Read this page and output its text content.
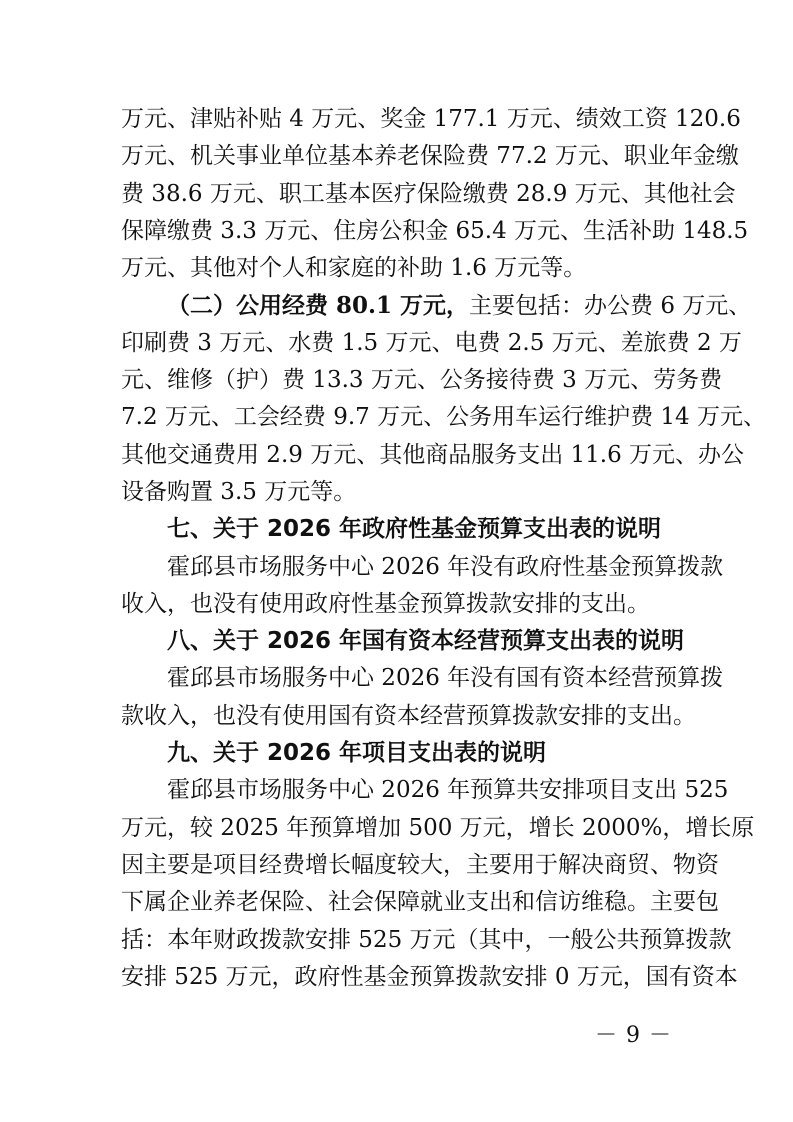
万元、津贴补贴 4 万元、奖金 177.1 万元、绩效工资 120.6
万元、机关事业单位基本养老保险费 77.2 万元、职业年金缴
费 38.6 万元、职工基本医疗保险缴费 28.9 万元、其他社会
保障缴费 3.3 万元、住房公积金 65.4 万元、生活补助 148.5
万元、其他对个人和家庭的补助 1.6 万元等。
（二）公用经费 80.1 万元，主要包括：办公费 6 万元、
印刷费 3 万元、水费 1.5 万元、电费 2.5 万元、差旅费 2 万
元、维修（护）费 13.3 万元、公务接待费 3 万元、劳务费
7.2 万元、工会经费 9.7 万元、公务用车运行维护费 14 万元、
其他交通费用 2.9 万元、其他商品服务支出 11.6 万元、办公
设备购置 3.5 万元等。
七、关于 2026 年政府性基金预算支出表的说明
霍邱县市场服务中心 2026 年没有政府性基金预算拨款
收入，也没有使用政府性基金预算拨款安排的支出。
八、关于 2026 年国有资本经营预算支出表的说明
霍邱县市场服务中心 2026 年没有国有资本经营预算拨
款收入，也没有使用国有资本经营预算拨款安排的支出。
九、关于 2026 年项目支出表的说明
霍邱县市场服务中心 2026 年预算共安排项目支出 525
万元，较 2025 年预算增加 500 万元，增长 2000%，增长原
因主要是项目经费增长幅度较大，主要用于解决商贸、物资
下属企业养老保险、社会保障就业支出和信访维稳。主要包
括：本年财政拨款安排 525 万元（其中，一般公共预算拨款
安排 525 万元，政府性基金预算拨款安排 0 万元，国有资本
－ 9 －
